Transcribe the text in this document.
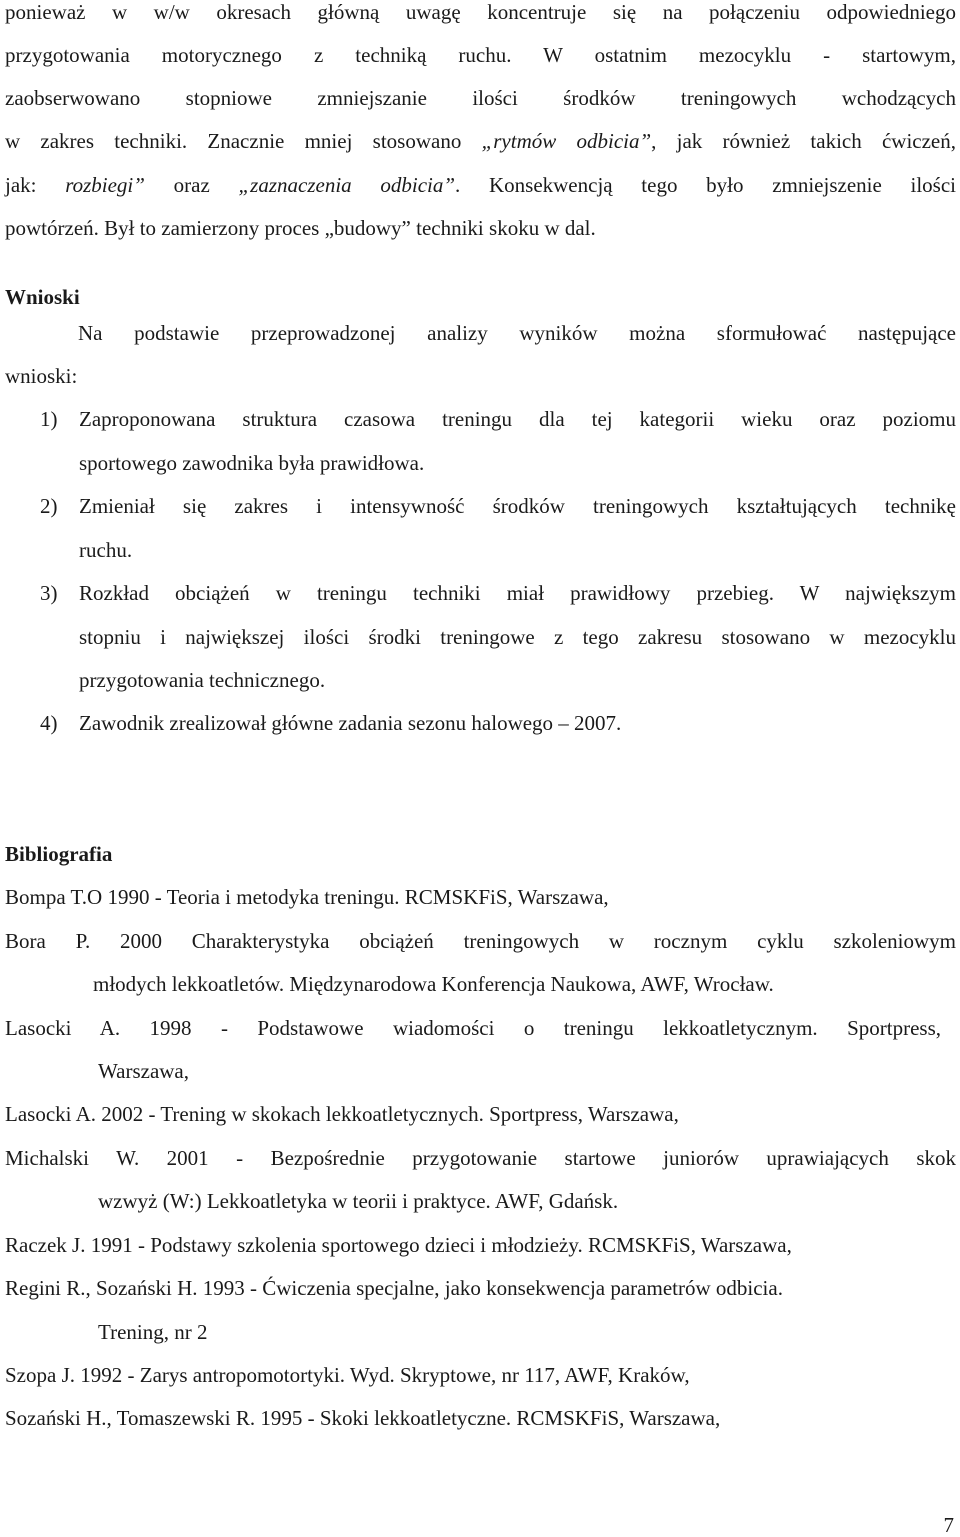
ponieważ w w/w okresach główną uwagę koncentruje się na połączeniu odpowiedniego
przygotowania motorycznego z techniką ruchu. W ostatnim mezocyklu - startowym,
zaobserwowano stopniowe zmniejszanie ilości środków treningowych wchodzących
w zakres techniki. Znacznie mniej stosowano „rytmów odbicia”, jak również takich ćwiczeń,
jak: rozbiegi” oraz „zaznaczenia odbicia”. Konsekwencją tego było zmniejszenie ilości
powtórzeń. Był to zamierzony proces „budowy” techniki skoku w dal.
Wnioski
Na podstawie przeprowadzonej analizy wyników można sformułować następujące
wnioski:
1) Zaproponowana struktura czasowa treningu dla tej kategorii wieku oraz poziomu
sportowego zawodnika była prawidłowa.
2) Zmieniał się zakres i intensywność środków treningowych kształtujących technikę
ruchu.
3) Rozkład obciążeń w treningu techniki miał prawidłowy przebieg. W największym
stopniu i największej ilości środki treningowe z tego zakresu stosowano w mezocyklu
przygotowania technicznego.
4) Zawodnik zrealizował główne zadania sezonu halowego – 2007.
Bibliografia
Bompa T.O 1990 - Teoria i metodyka treningu. RCMSKFiS, Warszawa,
Bora P. 2000 Charakterystyka obciążeń treningowych w rocznym cyklu szkoleniowym
młodych lekkoatletów. Międzynarodowa Konferencja Naukowa, AWF, Wrocław.
Lasocki A. 1998 - Podstawowe wiadomości o treningu lekkoatletycznym. Sportpress,
Warszawa,
Lasocki A. 2002 - Trening w skokach lekkoatletycznych. Sportpress, Warszawa,
Michalski W. 2001 - Bezpośrednie przygotowanie startowe juniorów uprawiających skok
wzwyż (W:) Lekkoatletyka w teorii i praktyce. AWF, Gdańsk.
Raczek J. 1991 - Podstawy szkolenia sportowego dzieci i młodzieży. RCMSKFiS, Warszawa,
Regini R., Sozański H. 1993 - Ćwiczenia specjalne, jako konsekwencja parametrów odbicia.
Trening, nr 2
Szopa J. 1992 - Zarys antropomotortyki. Wyd. Skryptowe, nr 117, AWF, Kraków,
Sozański H., Tomaszewski R. 1995 - Skoki lekkoatletyczne. RCMSKFiS, Warszawa,
7
